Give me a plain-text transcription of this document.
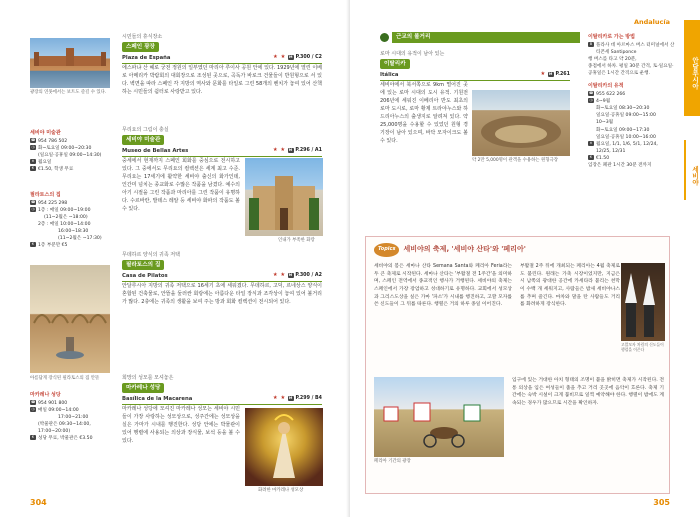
광장의 연못에서는 보트도 즐길 수 있다.
세비야 미술관
☎ 954 786 502
◷ 화~토요일 09:00~20:30
(일요일·공휴일 09:00~14:30)
✕ 월요일
€ €1.50, 학생 무료
필라토스의 집
☎ 954 225 298
◷ 1층 : 매일 09:00~19:00
(11~2월은 ~18:00)
2층 : 매일 10:00~14:00
16:00~18:30
(11~2월은 ~17:30)
€ 1층 부분만 €5
아름답게 장식된 필라토스의 집 안뜰
마카레나 성당
☎ 954 901 800
◷ 매일 09:00~14:00
17:00~21:00
(박물관은 09:30~14:00,
17:00~20:00)
€ 성당 무료, 박물관은 €3.50
시민들의 휴식장소
스페인 광장
Plaza de España	★ ★ M P.300 / C2
에스파냐 산 헤로 궁전 정원의 일부였던 마리아 루이사 공원 안에 있다. 1929년에 열린 이베로 아메리카 박람회의 대회장으로 조성된 곳으로, 곡독가 바로크 건물들이 반원형으로 서 있다. 벽면을 따라 스페인 각 지방의 역사와 문화를 타일로 그린 58개의 벤치가 놓여 있어 산책하는 시민들의 쉼터로 사랑받고 있다.
무리요의 그림이 충실
세비야 미술관
Museo de Bellas Artes	★ ★ M P.296 / A1
중세에서 현재까지 스페인 회화를 중심으로 전시하고 있다. 그 중에서도 무리요의 컬렉션은 세계 최고 수준. 무리요는 17세기에 활약한 세비야 출신의 화가인데, 인간미 넘치는 종교화로 수많은 작품을 남겼다. 예수의 아기 시절을 그린 작품과 마리아를 그린 작품이 유명하다. 수르바란, 발데스 레알 등 세비야 화파의 작품도 볼 수 있다.
인내가 부족한 화랑
무데하르 양식의 귀족 저택
필라토스의 집
Casa de Pilatos	★ ★ M P.300 / A2
안달루시아 지방의 귀족 저택으로 16세기 초에 세워졌다. 무데하르, 고딕, 르네상스 양식이 혼합된 건축물로, 안뜰을 둘러싼 회랑에는 아름다운 타일 장식과 조각상이 놓여 있어 볼거리가 많다. 2층에는 귀족의 생활을 보여 주는 방과 회화 컬렉션이 전시되어 있다.
희망의 성모를 모셔놓은
마카레나 성당
Basílica de la Macarena	★ ★ M P.299 / B4
마카레나 성당에 모셔진 마카레나 성모는 세비야 시민들이 가장 사랑하는 성모상으로, 성주간에는 성모상을 실은 가마가 시내를 행진한다. 성당 안에는 박물관이 있어 행렬에 사용되는 의상과 장식물, 보석 등을 볼 수 있다.
화려한 마카레나 성모상
304
Andalucía
안달루시아
세비야
근교의 볼거리
로마 시대의 유적이 남아 있는
이탈리카
Itálica	★ M P.261
세비야에서 북서쪽으로 9km 떨어진 곳에 있는 로마 시대의 도시 유적. 기원전 206년에 세워진 이베리아 반도 최초의 로마 도시로, 로마 황제 트라야누스와 하드리아누스의 출생지로 알려져 있다. 약 25,000명을 수용할 수 있었던 원형 경기장이 남아 있으며, 바닥 모자이크도 볼 수 있다.
약 2만 5,000명이 관객을 수용하는 원형극장
이탈리카로 가는 방법
B 플라사 데 아르마스 버스 터미널에서 산티폰세 Santiponce
행 버스를 타고 약 20분,
종점에서 하차. 평일 30분 간격, 토·일요일·
공휴일은 1시간 간격으로 운행.
이탈리카의 유적
☎ 955 622 266
◷ 4~9월
화~토요일 08:30~20:30
일요일·공휴일 09:00~15:00
10~3월
화~토요일 09:00~17:30
일요일·공휴일 10:00~16:00
✕ 월요일, 1/1, 1/6, 5/1, 12/24,
12/25, 12/31
€ €1.50
입장은 폐관 1시간 30분 전까지
305
Topics	세비야의 축제, '세비야 산타'와 '페리아'
세비야의 봄은 세마나 산타 Semana Santa와 페리아 Feria라는 두 큰 축제로 시작된다. 세마나 산타는 '부활절 전 1주간'을 의미하며, 스페인 전역에서 종교적인 행사가 거행된다. 세비야의 축제는 스페인에서 가장 장엄하고 성대하기로 유명하다. 교회에서 성모상과 그리스도상을 실은 가마 '파소'가 시내를 행진하고, 고깔 모자를 쓴 신도들이 그 뒤를 따른다. 행렬은 거의 하루 종일 이어진다.
부활절 2주 뒤에 개최되는 페리아는 4월 축제로도 불린다. 원래는 가축 시장이었지만, 지금은 시 남쪽의 광대한 공간에 카세타라 불리는 천막이 수백 개 세워지고, 사람들은 밤새 세비야나스를 추며 즐긴다. 마차와 말을 탄 사람들도 거리를 화려하게 장식한다.
고깔모자 차림의 신도들이 행렬을 이끈다
페리아 기간의 광장
입구에 있는 거대한 아치 형태의 조명이 불을 밝히면 축제가 시작된다. 전통 의상을 입은 여성들이 춤을 추고 거리 곳곳에 음악이 흐른다. 축제 기간에는 숙박 시설이 크게 붐비므로 일찍 예약해야 한다. 행렬이 밤에도 계속되는 경우가 많으므로 시간을 확인하자.
